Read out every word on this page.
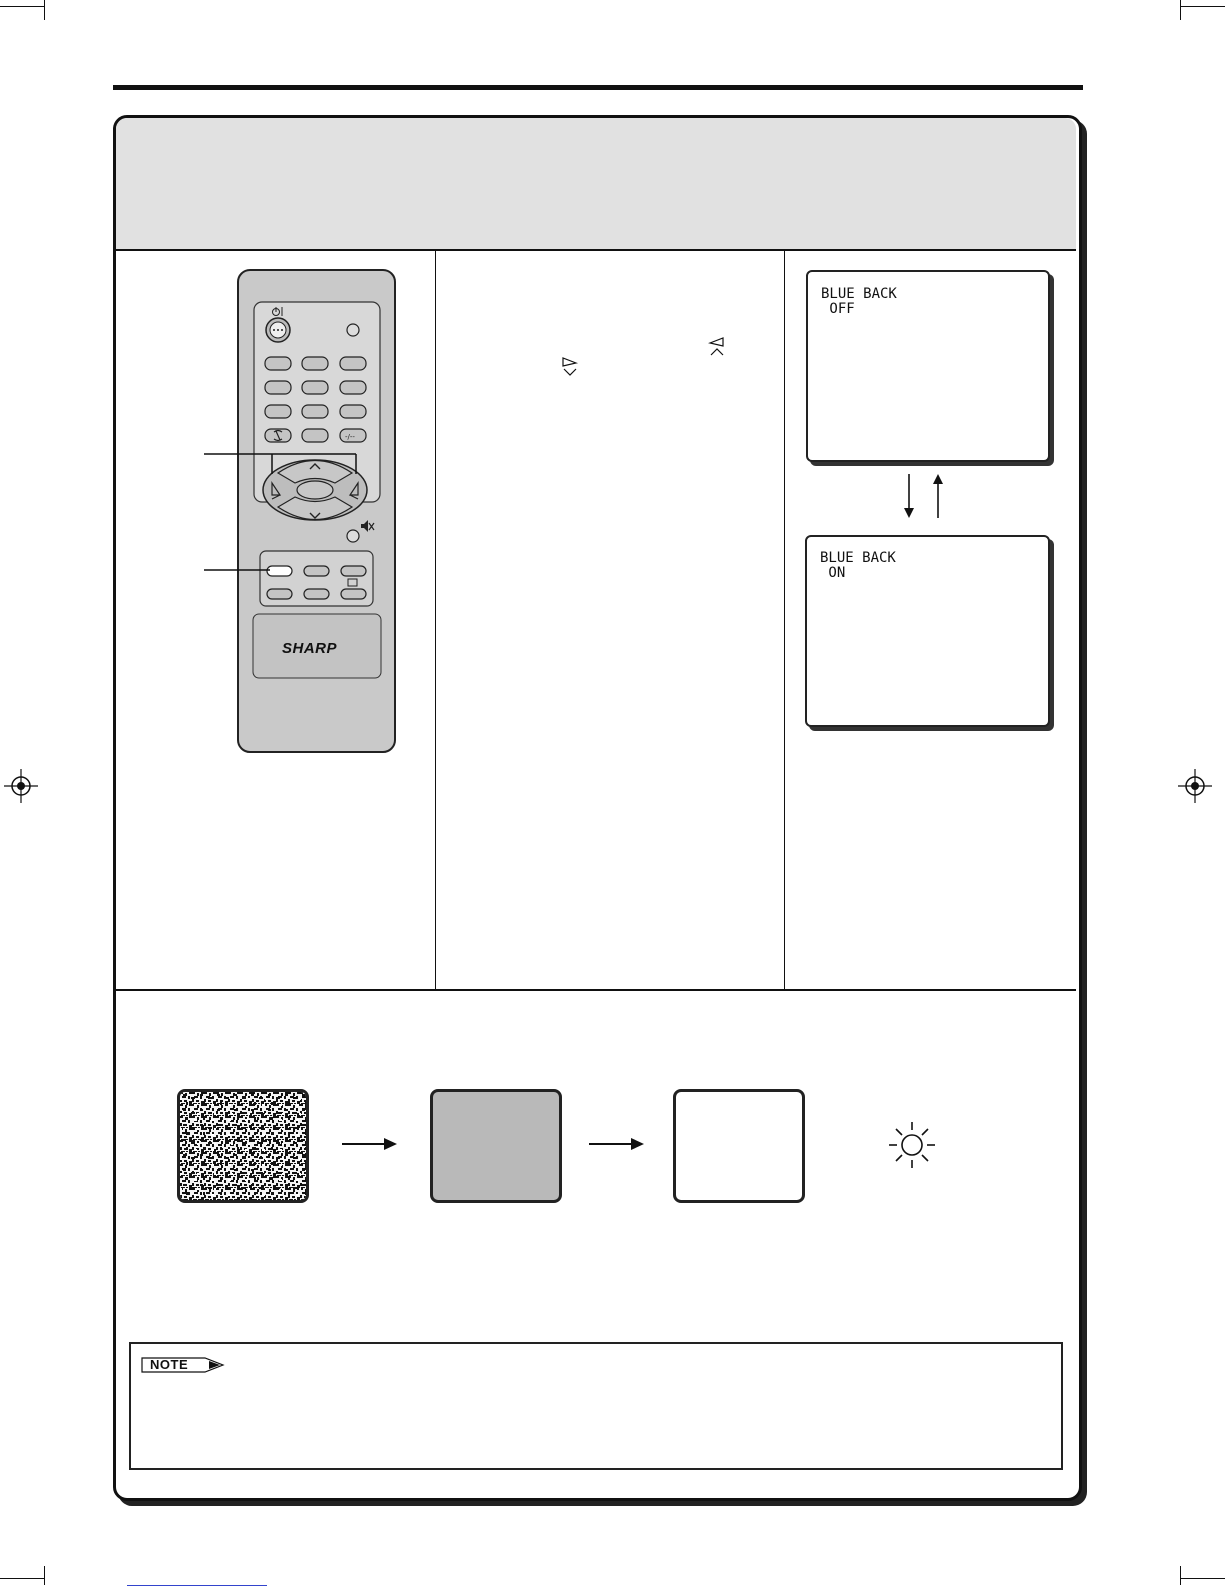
-/--
SHARP
BLUE BACK
OFF
BLUE BACK
ON
NOTE
